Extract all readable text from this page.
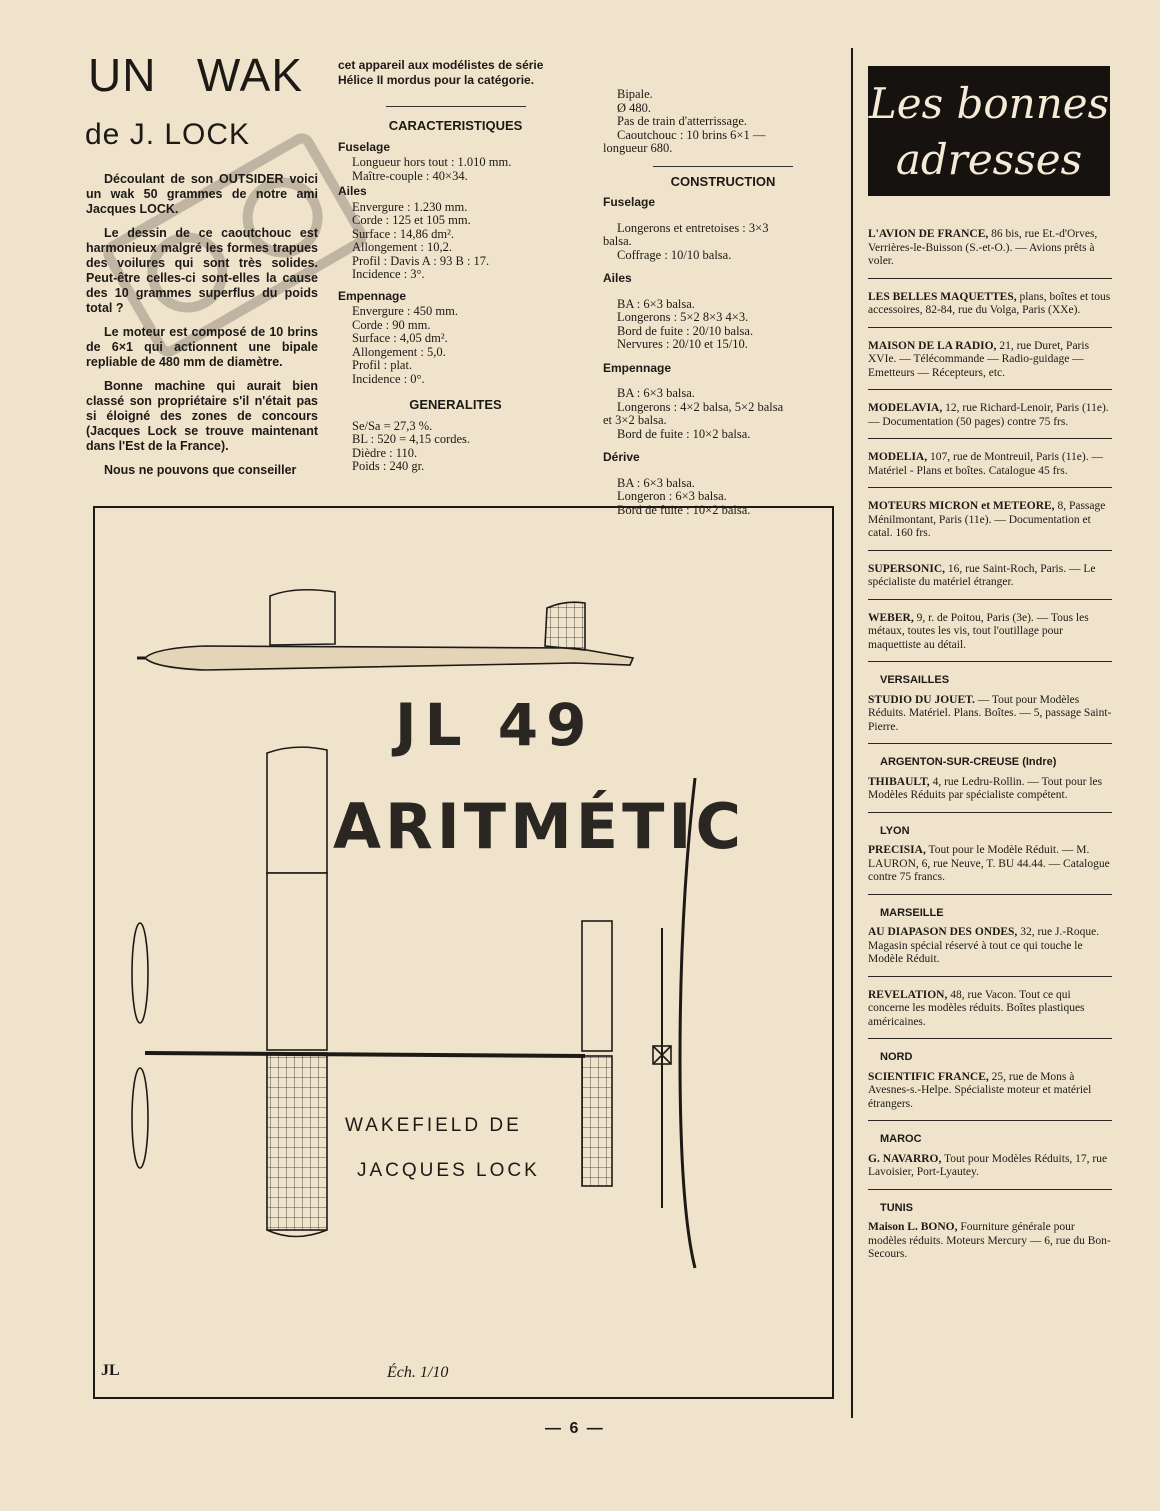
UN WAK
de J. LOCK

Découlant de son OUTSIDER voici un wak 50 grammes de notre ami Jacques LOCK.

Le dessin de ce caoutchouc est harmonieux malgré les formes trapues des voilures qui sont très solides. Peut-être celles-ci sont-elles la cause des 10 grammes superflus du poids total ?

Le moteur est composé de 10 brins de 6×1 qui actionnent une bipale repliable de 480 mm de diamètre.

Bonne machine qui aurait bien classé son propriétaire s'il n'était pas si éloigné des zones de concours (Jacques Lock se trouve maintenant dans l'Est de la France).

Nous ne pouvons que conseiller

cet appareil aux modélistes de série Hélice II mordus pour la catégorie.
CARACTERISTIQUES
Fuselage
Longueur hors tout : 1.010 mm.
Maître-couple : 40×34.
Ailes
Envergure : 1.230 mm.
Corde : 125 et 105 mm.
Surface : 14,86 dm².
Allongement : 10,2.
Profil : Davis A : 93 B : 17.
Incidence : 3°.
Empennage
Envergure : 450 mm.
Corde : 90 mm.
Surface : 4,05 dm².
Allongement : 5,0.
Profil : plat.
Incidence : 0°.
GENERALITES
Se/Sa = 27,3 %.
BL : 520 = 4,15 cordes.
Dièdre : 110.
Poids : 240 gr.
Bipale.
Ø 480.
Pas de train d'atterrissage.
Caoutchouc : 10 brins 6×1 —
longueur 680.
CONSTRUCTION
Fuselage
Longerons et entretoises : 3×3
balsa.
Coffrage : 10/10 balsa.
Ailes
BA : 6×3 balsa.
Longerons : 5×2 8×3 4×3.
Bord de fuite : 20/10 balsa.
Nervures : 20/10 et 15/10.
Empennage
BA : 6×3 balsa.
Longerons : 4×2 balsa, 5×2 balsa
et 3×2 balsa.
Bord de fuite : 10×2 balsa.
Dérive
BA : 6×3 balsa.
Longeron : 6×3 balsa.
Bord de fuite : 10×2 balsa.
Les bonnes
adresses
L'AVION DE FRANCE, 86 bis, rue Et.-d'Orves, Verrières-le-Buisson (S.-et-O.). — Avions prêts à voler.
LES BELLES MAQUETTES, plans, boîtes et tous accessoires, 82-84, rue du Volga, Paris (XXe).
MAISON DE LA RADIO, 21, rue Duret, Paris XVIe. — Télécommande — Radio-guidage — Emetteurs — Récepteurs, etc.
MODELAVIA, 12, rue Richard-Lenoir, Paris (11e). — Documentation (50 pages) contre 75 frs.
MODELIA, 107, rue de Montreuil, Paris (11e). — Matériel - Plans et boîtes. Catalogue 45 frs.
MOTEURS MICRON et METEORE, 8, Passage Ménilmontant, Paris (11e). — Documentation et catal. 160 frs.
SUPERSONIC, 16, rue Saint-Roch, Paris. — Le spécialiste du matériel étranger.
WEBER, 9, r. de Poitou, Paris (3e). — Tous les métaux, toutes les vis, tout l'outillage pour maquettiste au détail.
VERSAILLES
STUDIO DU JOUET. — Tout pour Modèles Réduits. Matériel. Plans. Boîtes. — 5, passage Saint-Pierre.
ARGENTON-SUR-CREUSE (Indre)
THIBAULT, 4, rue Ledru-Rollin. — Tout pour les Modèles Réduits par spécialiste compétent.
LYON
PRECISIA, Tout pour le Modèle Réduit. — M. LAURON, 6, rue Neuve, T. BU 44.44. — Catalogue contre 75 francs.
MARSEILLE
AU DIAPASON DES ONDES, 32, rue J.-Roque. Magasin spécial réservé à tout ce qui touche le Modèle Réduit.
REVELATION, 48, rue Vacon. Tout ce qui concerne les modèles réduits. Boîtes plastiques américaines.
NORD
SCIENTIFIC FRANCE, 25, rue de Mons à Avesnes-s.-Helpe. Spécialiste moteur et matériel étrangers.
MAROC
G. NAVARRO, Tout pour Modèles Réduits, 17, rue Lavoisier, Port-Lyautey.
TUNIS
Maison L. BONO, Fourniture générale pour modèles réduits. Moteurs Mercury — 6, rue du Bon-Secours.
JL 49
ARITMÉTIC
WAKEFIELD DE
JACQUES LOCK
Éch. 1/10
JL
— 6 —
